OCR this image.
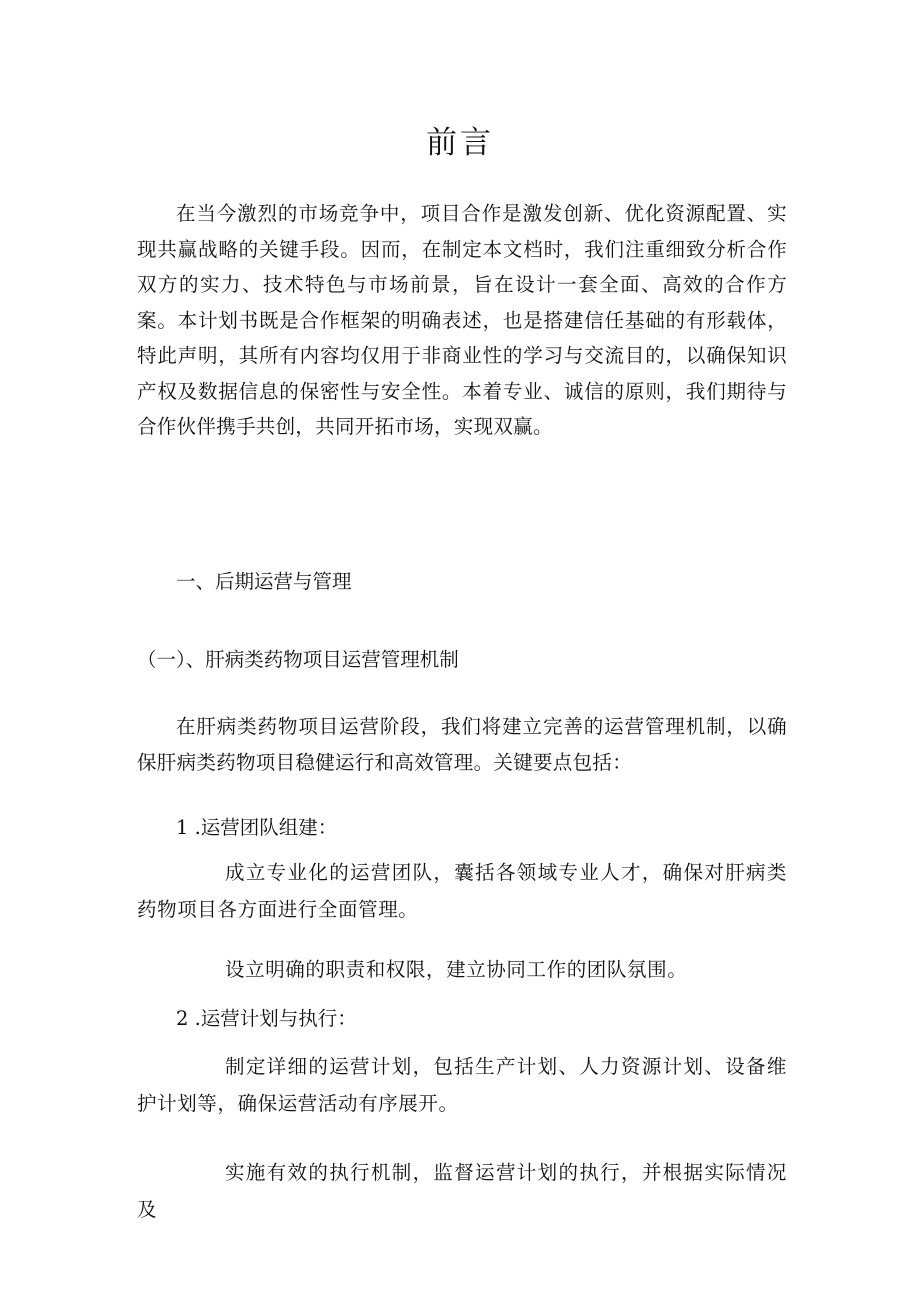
前言

在当今激烈的市场竞争中，项目合作是激发创新、优化资源配置、实现共赢战略的关键手段。因而，在制定本文档时，我们注重细致分析合作双方的实力、技术特色与市场前景，旨在设计一套全面、高效的合作方案。本计划书既是合作框架的明确表述，也是搭建信任基础的有形载体，特此声明，其所有内容均仅用于非商业性的学习与交流目的，以确保知识产权及数据信息的保密性与安全性。本着专业、诚信的原则，我们期待与合作伙伴携手共创，共同开拓市场，实现双赢。

一、后期运营与管理

（一）、肝病类药物项目运营管理机制

在肝病类药物项目运营阶段，我们将建立完善的运营管理机制，以确保肝病类药物项目稳健运行和高效管理。关键要点包括：

1 .运营团队组建：

成立专业化的运营团队，囊括各领域专业人才，确保对肝病类药物项目各方面进行全面管理。

设立明确的职责和权限，建立协同工作的团队氛围。

2 .运营计划与执行：

制定详细的运营计划，包括生产计划、人力资源计划、设备维护计划等，确保运营活动有序展开。

实施有效的执行机制，监督运营计划的执行，并根据实际情况及
